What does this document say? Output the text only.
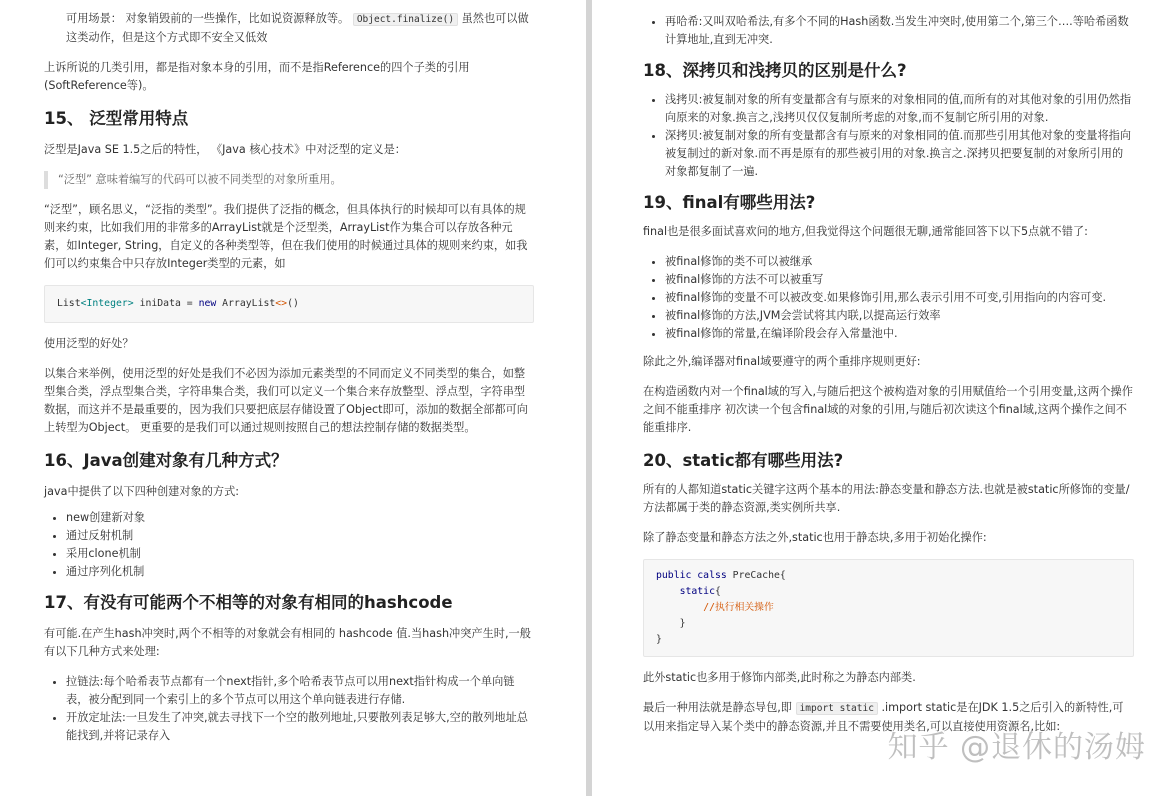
可用场景： 对象销毁前的一些操作，比如说资源释放等。 Object.finalize() 虽然也可以做这类动作，但是这个方式即不安全又低效

上诉所说的几类引用，都是指对象本身的引用，而不是指Reference的四个子类的引用(SoftReference等)。

15、 泛型常用特点

泛型是Java SE 1.5之后的特性， 《Java 核心技术》中对泛型的定义是：

“泛型” 意味着编写的代码可以被不同类型的对象所重用。

“泛型”，顾名思义，“泛指的类型”。我们提供了泛指的概念，但具体执行的时候却可以有具体的规则来约束，比如我们用的非常多的ArrayList就是个泛型类，ArrayList作为集合可以存放各种元素，如Integer, String，自定义的各种类型等，但在我们使用的时候通过具体的规则来约束，如我们可以约束集合中只存放Integer类型的元素，如

List<Integer> iniData = new ArrayList<>()

使用泛型的好处？

以集合来举例，使用泛型的好处是我们不必因为添加元素类型的不同而定义不同类型的集合，如整型集合类，浮点型集合类，字符串集合类，我们可以定义一个集合来存放整型、浮点型，字符串型数据，而这并不是最重要的，因为我们只要把底层存储设置了Object即可，添加的数据全部都可向上转型为Object。 更重要的是我们可以通过规则按照自己的想法控制存储的数据类型。

16、Java创建对象有几种方式？

java中提供了以下四种创建对象的方式:

• new创建新对象
• 通过反射机制
• 采用clone机制
• 通过序列化机制
17、有没有可能两个不相等的对象有相同的hashcode

有可能.在产生hash冲突时,两个不相等的对象就会有相同的 hashcode 值.当hash冲突产生时,一般有以下几种方式来处理:

• 拉链法:每个哈希表节点都有一个next指针,多个哈希表节点可以用next指针构成一个单向链表，被分配到同一个索引上的多个节点可以用这个单向链表进行存储.
• 开放定址法:一旦发生了冲突,就去寻找下一个空的散列地址,只要散列表足够大,空的散列地址总能找到,并将记录存入
• 再哈希:又叫双哈希法,有多个不同的Hash函数.当发生冲突时,使用第二个,第三个….等哈希函数计算地址,直到无冲突.
18、深拷贝和浅拷贝的区别是什么?
• 浅拷贝:被复制对象的所有变量都含有与原来的对象相同的值,而所有的对其他对象的引用仍然指向原来的对象.换言之,浅拷贝仅仅复制所考虑的对象,而不复制它所引用的对象.
• 深拷贝:被复制对象的所有变量都含有与原来的对象相同的值.而那些引用其他对象的变量将指向被复制过的新对象.而不再是原有的那些被引用的对象.换言之.深拷贝把要复制的对象所引用的对象都复制了一遍.
19、final有哪些用法?

final也是很多面试喜欢问的地方,但我觉得这个问题很无聊,通常能回答下以下5点就不错了:

• 被final修饰的类不可以被继承
• 被final修饰的方法不可以被重写
• 被final修饰的变量不可以被改变.如果修饰引用,那么表示引用不可变,引用指向的内容可变.
• 被final修饰的方法,JVM会尝试将其内联,以提高运行效率
• 被final修饰的常量,在编译阶段会存入常量池中.

除此之外,编译器对final域要遵守的两个重排序规则更好:

在构造函数内对一个final域的写入,与随后把这个被构造对象的引用赋值给一个引用变量,这两个操作之间不能重排序 初次读一个包含final域的对象的引用,与随后初次读这个final域,这两个操作之间不能重排序.

20、static都有哪些用法?

所有的人都知道static关键字这两个基本的用法:静态变量和静态方法.也就是被static所修饰的变量/方法都属于类的静态资源,类实例所共享.

除了静态变量和静态方法之外,static也用于静态块,多用于初始化操作:

public calss PreCache{
static{
//执行相关操作
}
}

此外static也多用于修饰内部类,此时称之为静态内部类.

最后一种用法就是静态导包,即 import static .import static是在JDK 1.5之后引入的新特性,可以用来指定导入某个类中的静态资源,并且不需要使用类名,可以直接使用资源名,比如:

知乎 @退休的汤姆
